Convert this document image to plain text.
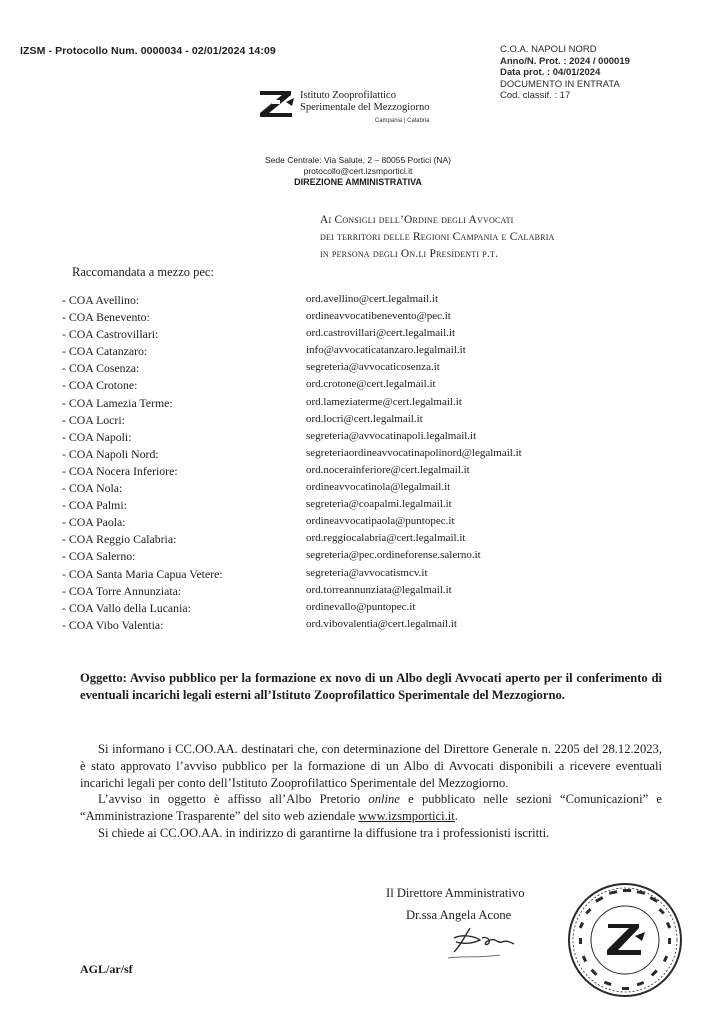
IZSM - Protocollo Num. 0000034 - 02/01/2024 14:09	C.O.A. NAPOLI NORD
Anno/N. Prot. : 2024 / 000019
Data prot. : 04/01/2024
DOCUMENTO IN ENTRATA
Cod. classif. : 17
Istituto Zooprofilattico
Sperimentale del Mezzogiorno
Campania | Calabria
Sede Centrale: Via Salute, 2 – 80055 Portici (NA)
protocollo@cert.izsmportici.it
DIREZIONE AMMINISTRATIVA
Ai Consigli dell’Ordine degli Avvocati
dei territori delle Regioni Campania e Calabria
in persona degli On.li Presidenti p.t.
Raccomandata a mezzo pec:
- COA Avellino:	ord.avellino@cert.legalmail.it
- COA Benevento:	ordineavvocatibenevento@pec.it
- COA Castrovillari:	ord.castrovillari@cert.legalmail.it
- COA Catanzaro:	info@avvocaticatanzaro.legalmail.it
- COA Cosenza:	segreteria@avvocaticosenza.it
- COA Crotone:	ord.crotone@cert.legalmail.it
- COA Lamezia Terme:	ord.lameziaterme@cert.legalmail.it
- COA Locri:	ord.locri@cert.legalmail.it
- COA Napoli:	segreteria@avvocatinapoli.legalmail.it
- COA Napoli Nord:	segreteriaordineavvocatinapolinord@legalmail.it
- COA Nocera Inferiore:	ord.nocerainferiore@cert.legalmail.it
- COA Nola:	ordineavvocatinola@legalmail.it
- COA Palmi:	segreteria@coapalmi.legalmail.it
- COA Paola:	ordineavvocatipaola@puntopec.it
- COA Reggio Calabria:	ord.reggiocalabria@cert.legalmail.it
- COA Salerno:	segreteria@pec.ordineforense.salerno.it
- COA Santa Maria Capua Vetere:	segreteria@avvocatismcv.it
- COA Torre Annunziata:	ord.torreannunziata@legalmail.it
- COA Vallo della Lucania:	ordinevallo@puntopec.it
- COA Vibo Valentia:	ord.vibovalentia@cert.legalmail.it
Oggetto: Avviso pubblico per la formazione ex novo di un Albo degli Avvocati aperto per il conferimento di eventuali incarichi legali esterni all’Istituto Zooprofilattico Sperimentale del Mezzogiorno.

Si informano i CC.OO.AA. destinatari che, con determinazione del Direttore Generale n. 2205 del 28.12.2023, è stato approvato l’avviso pubblico per la formazione di un Albo di Avvocati disponibili a ricevere eventuali incarichi legali per conto dell’Istituto Zooprofilattico Sperimentale del Mezzogiorno.

L’avviso in oggetto è affisso all’Albo Pretorio online e pubblicato nelle sezioni “Comunicazioni” e “Amministrazione Trasparente” del sito web aziendale www.izsmportici.it.

Si chiede ai CC.OO.AA. in indirizzo di garantirne la diffusione tra i professionisti iscritti.

Il Direttore Amministrativo
Dr.ssa Angela Acone
AGL/ar/sf
